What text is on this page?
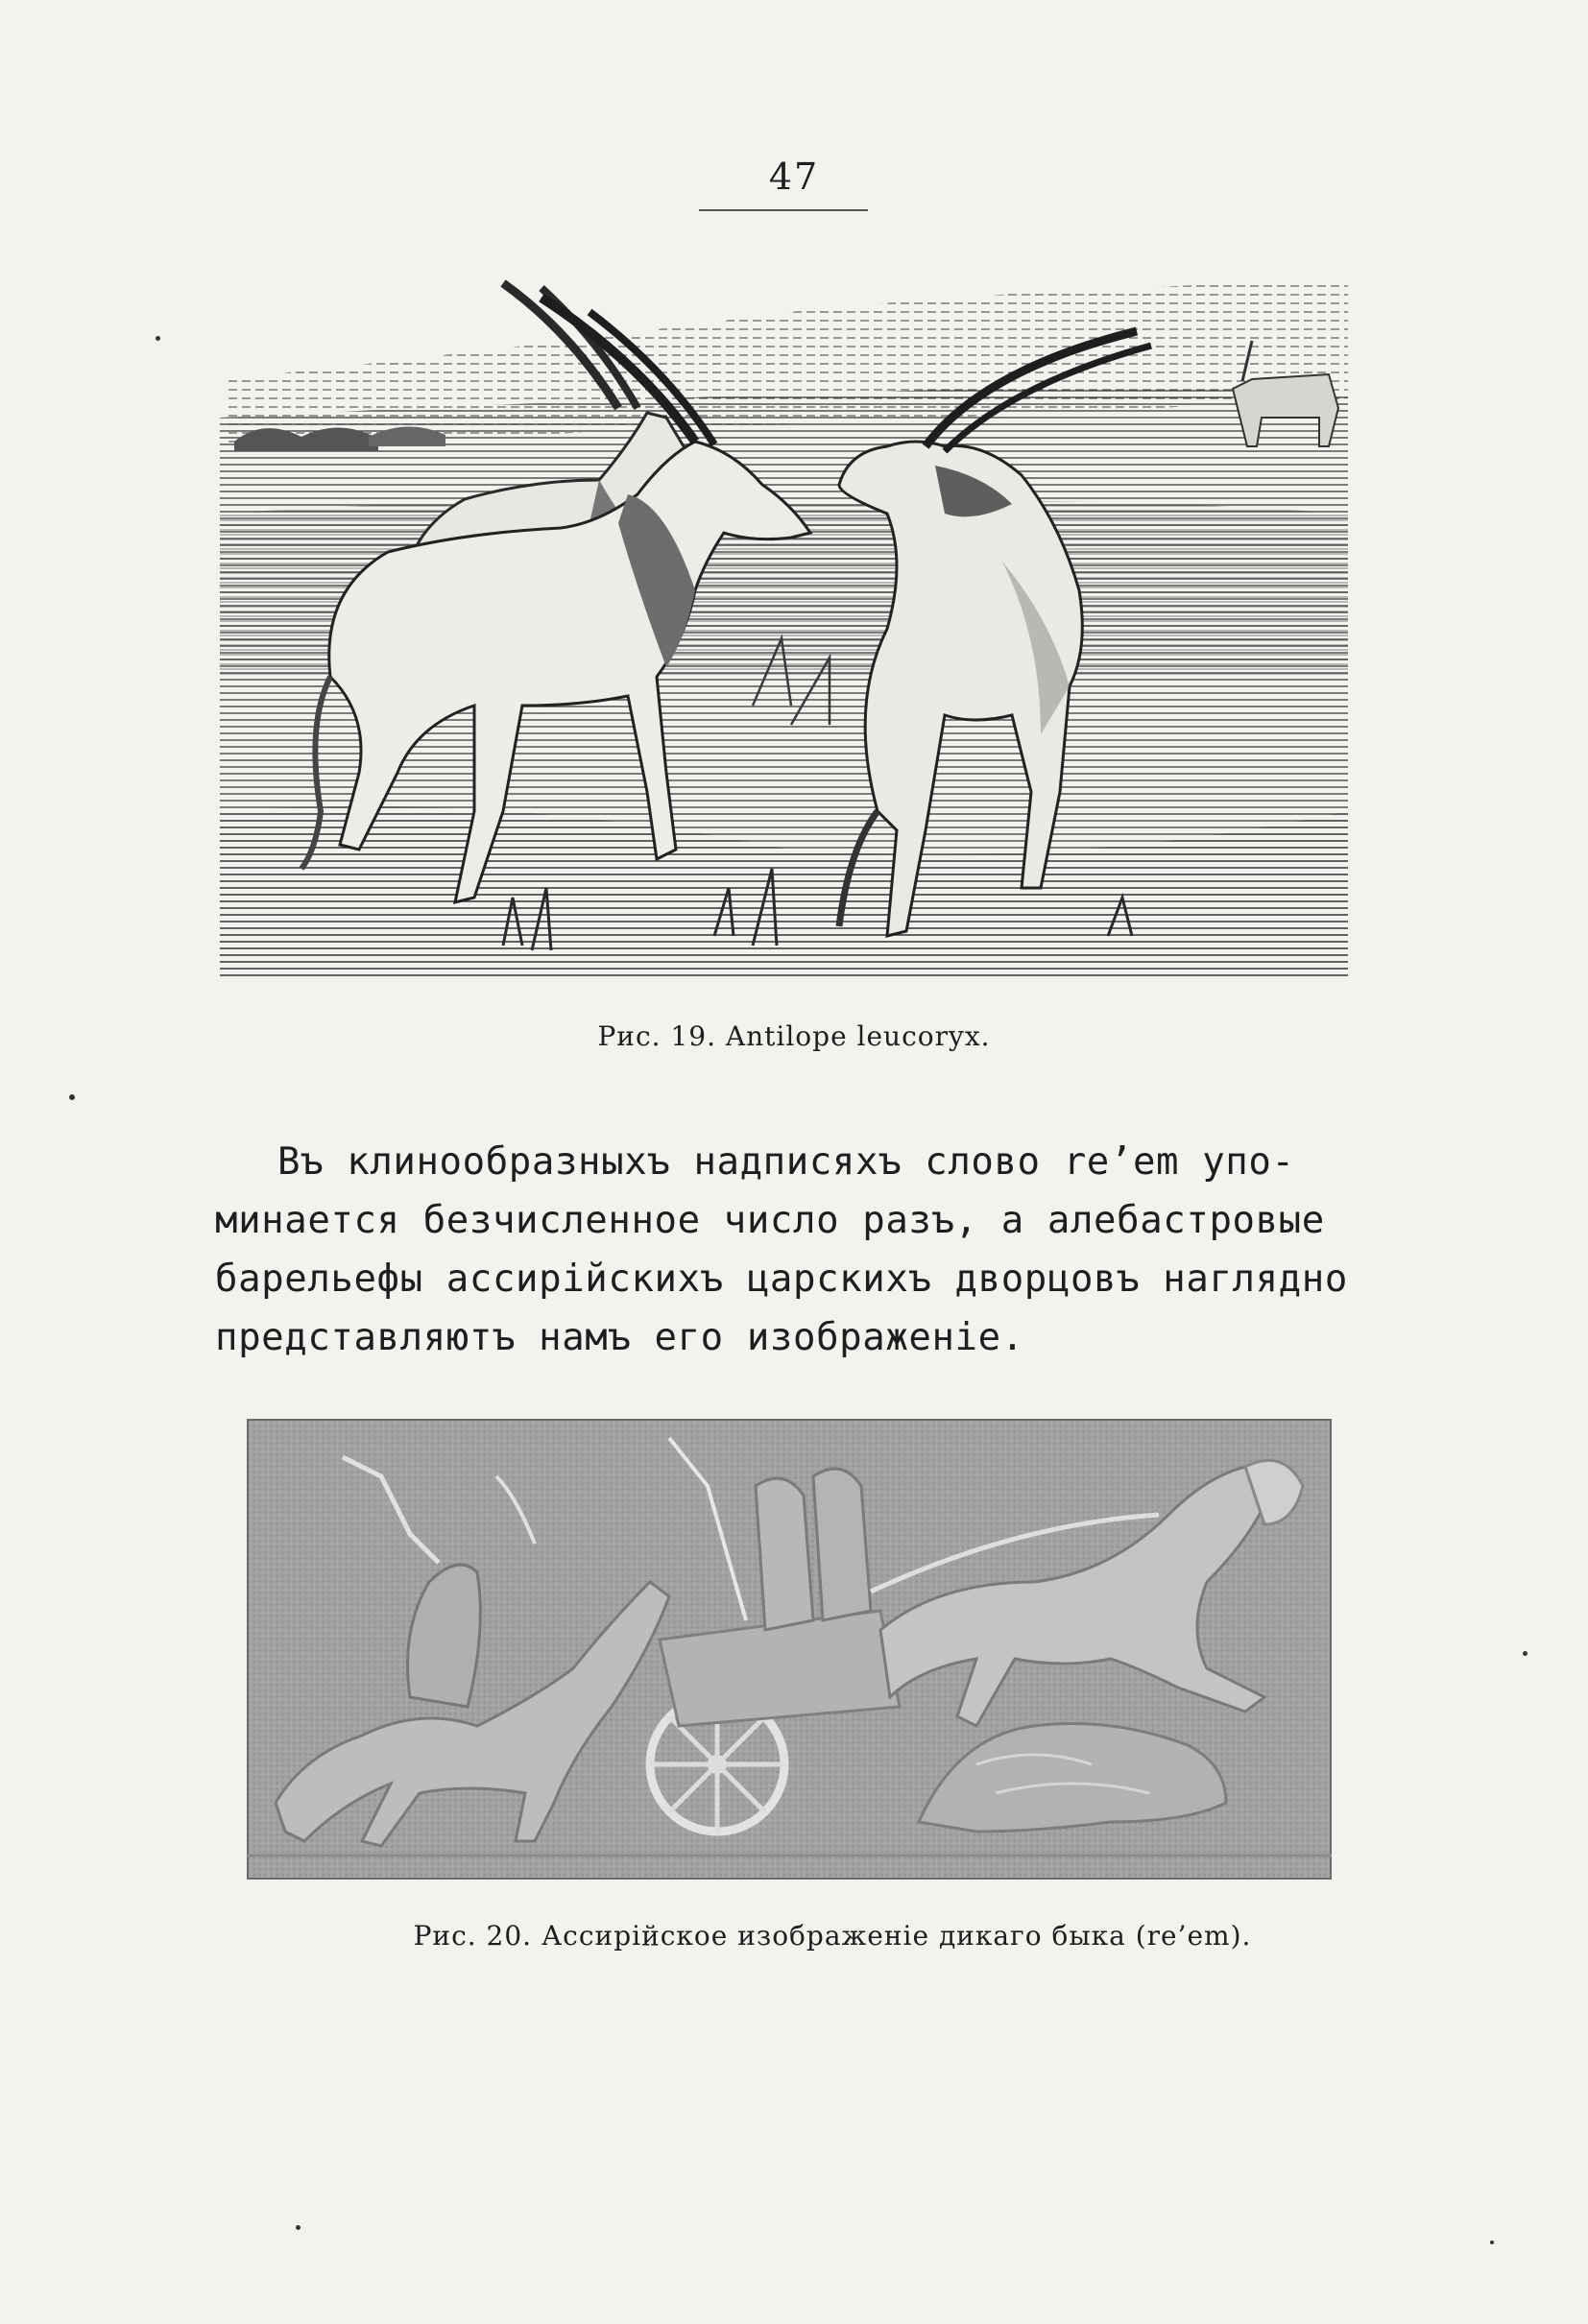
47
Рис. 19. Antilope leucoryx.
Въ клинообразныхъ надписяхъ слово re’em упо-
минается безчисленное число разъ, а алебастровые
барельефы ассирійскихъ царскихъ дворцовъ наглядно
представляютъ намъ его изображеніе.
Рис. 20. Ассирійское изображеніе дикаго быка (re’em).
